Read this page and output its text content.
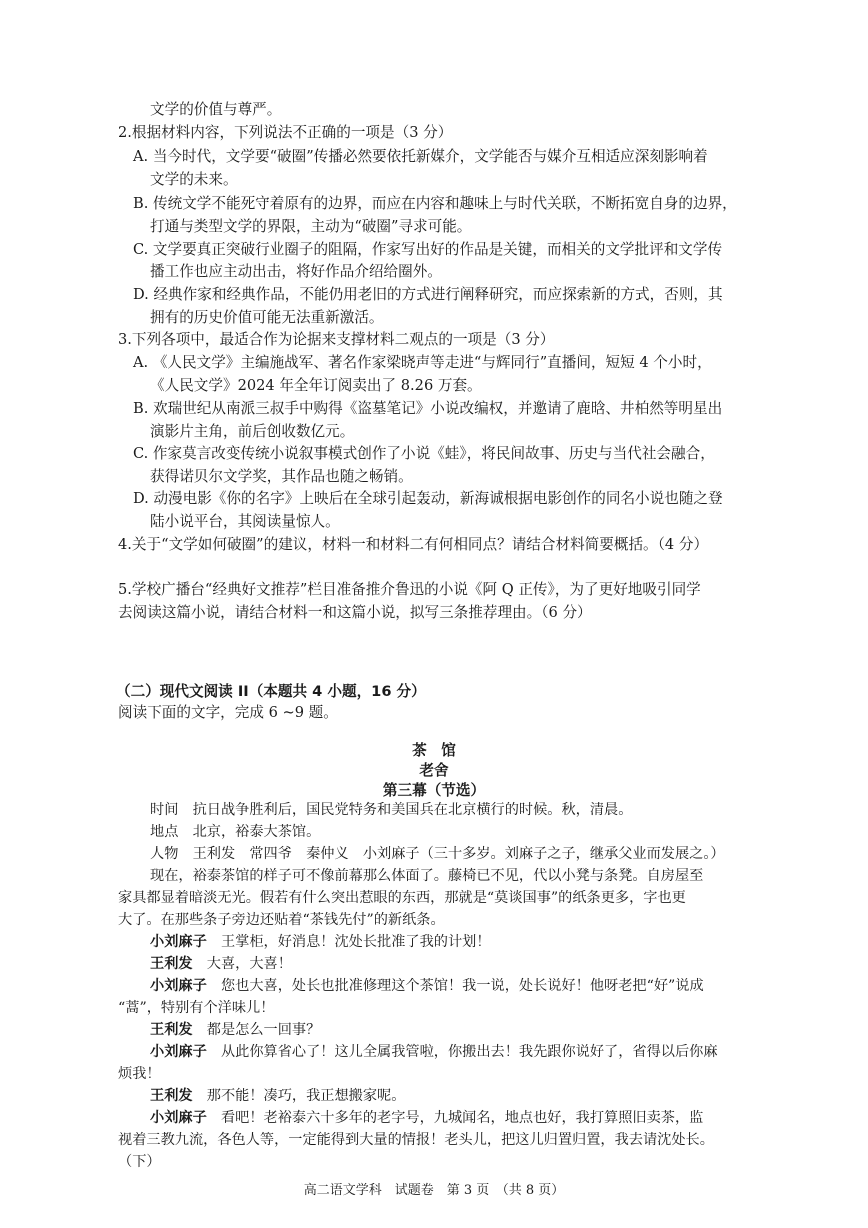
文学的价值与尊严。
2.根据材料内容，下列说法不正确的一项是（3 分）
A. 当今时代，文学要“破圈”传播必然要依托新媒介，文学能否与媒介互相适应深刻影响着
文学的未来。
B. 传统文学不能死守着原有的边界，而应在内容和趣味上与时代关联，不断拓宽自身的边界，
打通与类型文学的界限，主动为“破圈”寻求可能。
C. 文学要真正突破行业圈子的阻隔，作家写出好的作品是关键，而相关的文学批评和文学传
播工作也应主动出击，将好作品介绍给圈外。
D. 经典作家和经典作品，不能仍用老旧的方式进行阐释研究，而应探索新的方式，否则，其
拥有的历史价值可能无法重新激活。
3.下列各项中，最适合作为论据来支撑材料二观点的一项是（3 分）
A. 《人民文学》主编施战军、著名作家梁晓声等走进“与辉同行”直播间，短短 4 个小时，
《人民文学》2024 年全年订阅卖出了 8.26 万套。
B. 欢瑞世纪从南派三叔手中购得《盗墓笔记》小说改编权，并邀请了鹿晗、井柏然等明星出
演影片主角，前后创收数亿元。
C. 作家莫言改变传统小说叙事模式创作了小说《蛙》，将民间故事、历史与当代社会融合，
获得诺贝尔文学奖，其作品也随之畅销。
D. 动漫电影《你的名字》上映后在全球引起轰动，新海诚根据电影创作的同名小说也随之登
陆小说平台，其阅读量惊人。
4.关于“文学如何破圈”的建议，材料一和材料二有何相同点？请结合材料简要概括。（4 分）
5.学校广播台“经典好文推荐”栏目准备推介鲁迅的小说《阿 Q 正传》，为了更好地吸引同学
去阅读这篇小说，请结合材料一和这篇小说，拟写三条推荐理由。（6 分）
（二）现代文阅读 II（本题共 4 小题，16 分）
阅读下面的文字，完成 6 ~9 题。
茶　馆
老舍
第三幕（节选）
时间　 抗日战争胜利后，国民党特务和美国兵在北京横行的时候。秋，清晨。
地点　 北京，裕泰大茶馆。
人物　 王利发　常四爷　秦仲义　小刘麻子（三十多岁。刘麻子之子，继承父业而发展之。）
现在，裕泰茶馆的样子可不像前幕那么体面了。藤椅已不见，代以小凳与条凳。自房屋至
家具都显着暗淡无光。假若有什么突出惹眼的东西，那就是“莫谈国事”的纸条更多，字也更
大了。在那些条子旁边还贴着“茶钱先付”的新纸条。
小刘麻子　 王掌柜，好消息！沈处长批准了我的计划！
王利发　 大喜，大喜！
小刘麻子　 您也大喜，处长也批准修理这个茶馆！我一说，处长说好！他呀老把“好”说成
“蒿”，特别有个洋味儿！
王利发　 都是怎么一回事？
小刘麻子　 从此你算省心了！这儿全属我管啦，你搬出去！我先跟你说好了，省得以后你麻
烦我！
王利发　 那不能！凑巧，我正想搬家呢。
小刘麻子　 看吧！老裕泰六十多年的老字号，九城闻名，地点也好，我打算照旧卖茶，监
视着三教九流，各色人等，一定能得到大量的情报！老头儿，把这儿归置归置，我去请沈处长。
（下）
高二语文学科　试题卷　第 3 页　（共 8 页）
